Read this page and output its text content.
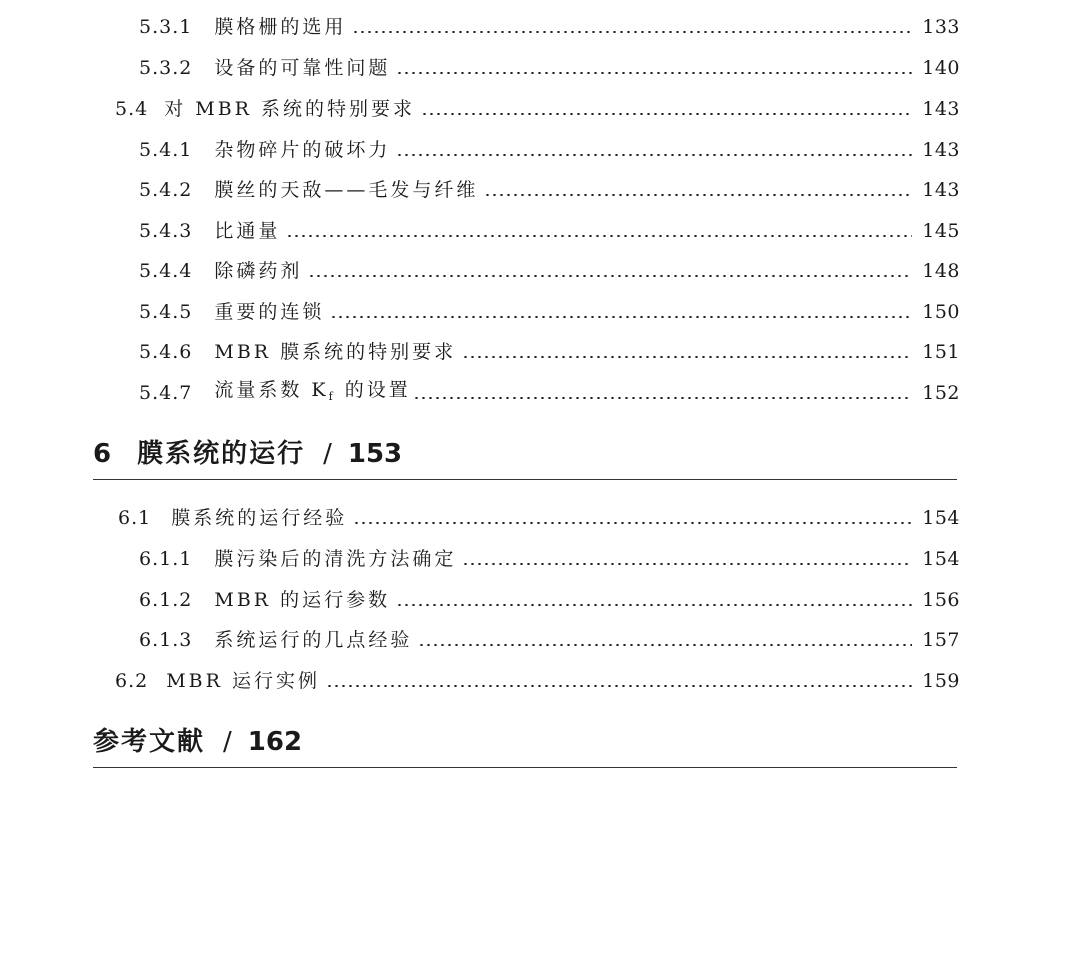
5.3.1 膜格栅的选用	133
5.3.2 设备的可靠性问题	140
5.4 对 MBR 系统的特别要求	143
5.4.1 杂物碎片的破坏力	143
5.4.2 膜丝的天敌——毛发与纤维	143
5.4.3 比通量	145
5.4.4 除磷药剂	148
5.4.5 重要的连锁	150
5.4.6 MBR 膜系统的特别要求	151
5.4.7 流量系数 $K_f$ 的设置	152
6 膜系统的运行 / 153
6.1 膜系统的运行经验	154
6.1.1 膜污染后的清洗方法确定	154
6.1.2 MBR 的运行参数	156
6.1.3 系统运行的几点经验	157
6.2 MBR 运行实例	159
参考文献 / 162
